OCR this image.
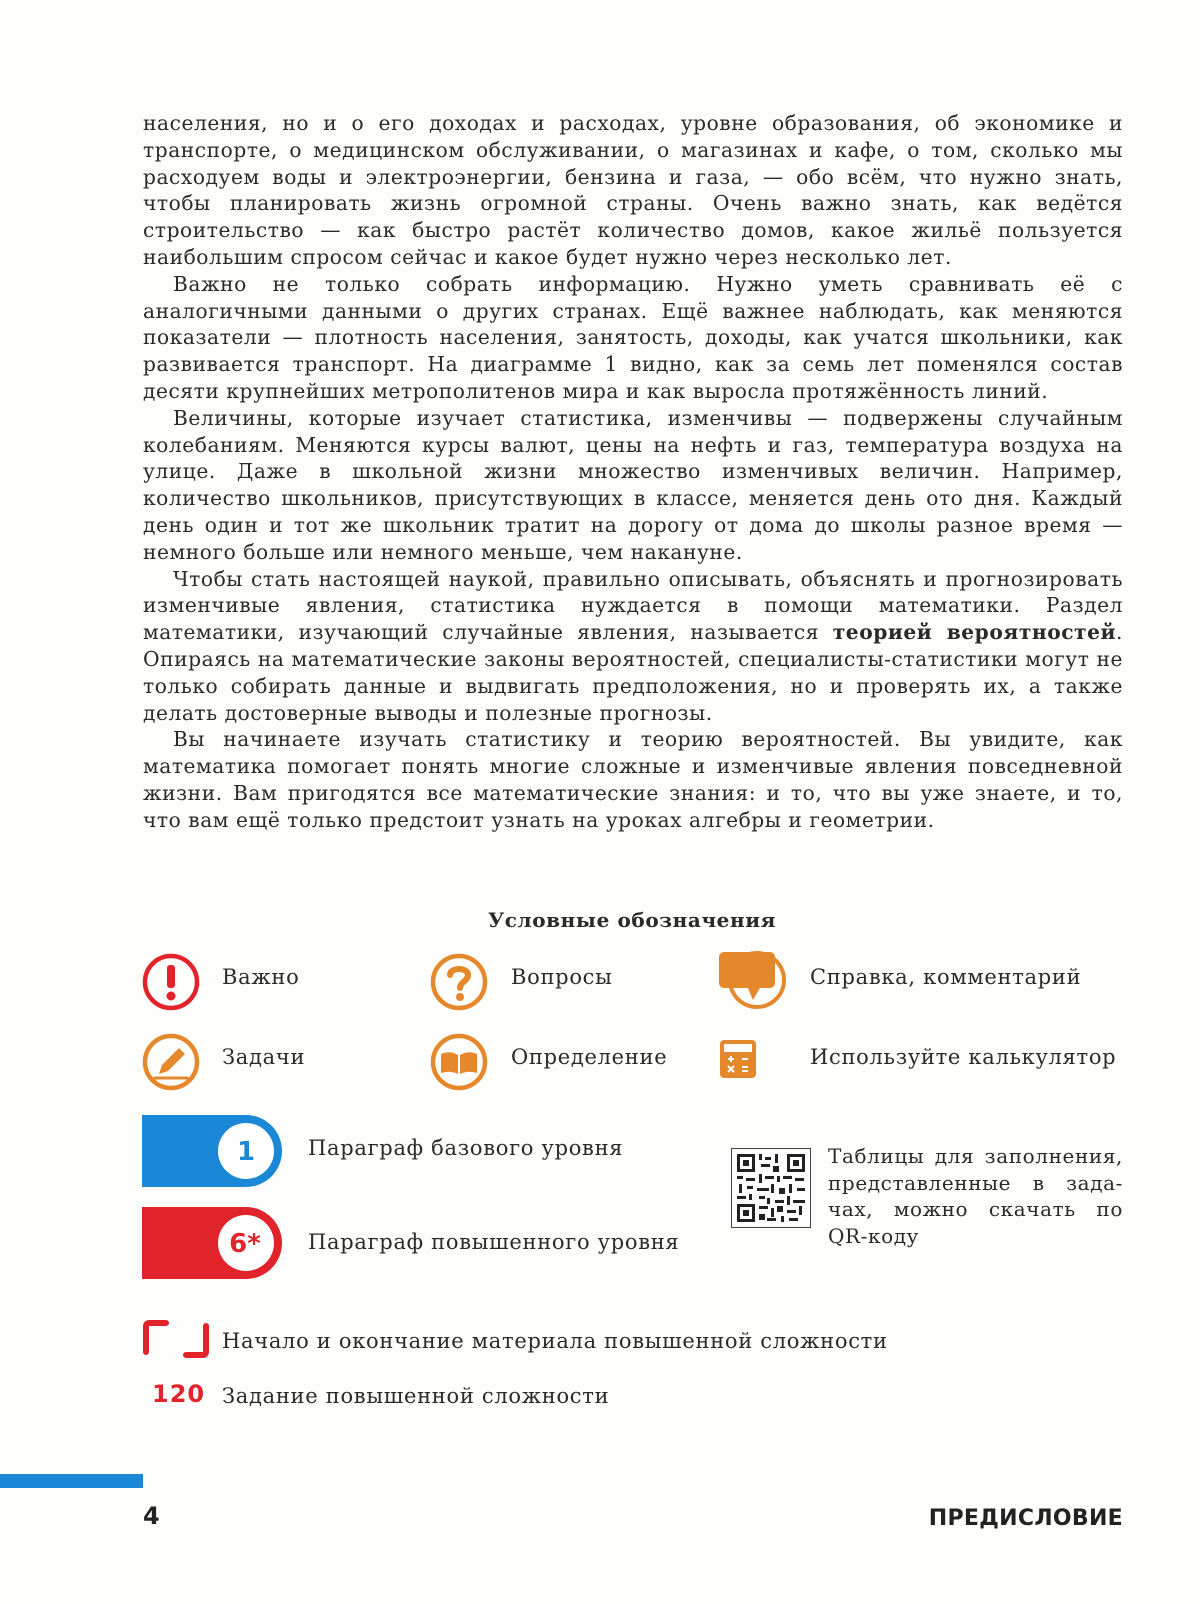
населения, но и о его доходах и расходах, уровне образования, об экономике и транспорте, о медицинском обслуживании, о магазинах и кафе, о том, сколько мы расходуем воды и электроэнергии, бензина и газа, — обо всём, что нужно знать, чтобы планировать жизнь огромной страны. Очень важно знать, как ведётся строительство — как быстро растёт количество домов, какое жильё пользуется наибольшим спросом сейчас и какое будет нужно через несколько лет.

Важно не только собрать информацию. Нужно уметь сравнивать её с аналогичными данными о других странах. Ещё важнее наблюдать, как меняются показатели — плотность населения, занятость, доходы, как учатся школьники, как развивается транспорт. На диаграмме 1 видно, как за семь лет поменялся состав десяти крупнейших метрополитенов мира и как выросла протяжённость линий.

Величины, которые изучает статистика, изменчивы — подвержены случайным колебаниям. Меняются курсы валют, цены на нефть и газ, температура воздуха на улице. Даже в школьной жизни множество изменчивых величин. Например, количество школьников, присутствующих в классе, меняется день ото дня. Каждый день один и тот же школьник тратит на дорогу от дома до школы разное время — немного больше или немного меньше, чем накануне.

Чтобы стать настоящей наукой, правильно описывать, объяснять и прогнозировать изменчивые явления, статистика нуждается в помощи математики. Раздел математики, изучающий случайные явления, называется теорией вероятностей. Опираясь на математические законы вероятностей, специалисты-статистики могут не только собирать данные и выдвигать предположения, но и проверять их, а также делать достоверные выводы и полезные прогнозы.

Вы начинаете изучать статистику и теорию вероятностей. Вы увидите, как математика помогает понять многие сложные и изменчивые явления повседневной жизни. Вам пригодятся все математические знания: и то, что вы уже знаете, и то, что вам ещё только предстоит узнать на уроках алгебры и геометрии.

Условные обозначения
Важно	Вопросы	Справка, комментарий
Задачи	Определение	Используйте калькулятор
1	Параграф базового уровня
6* Параграф повышенного уровня
Таблицы для заполнения,
представленные в зада-
чах, можно скачать по
QR-коду
Начало и окончание материала повышенной сложности
120 Задание повышенной сложности
4	ПРЕДИСЛОВИЕ
